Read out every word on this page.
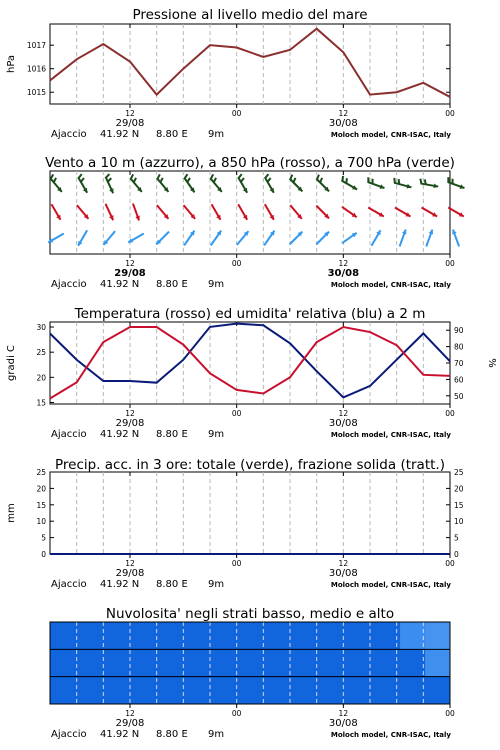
Pressione al livello medio del mare
1015
1016
1017
hPa
12	00	12	00
29/08	30/08
Ajaccio 41.92 N 8.80 E 9m	Moloch model, CNR-ISAC, Italy
Vento a 10 m (azzurro), a 850 hPa (rosso), a 700 hPa (verde)
12	00	12	00
29/08	30/08
Ajaccio 41.92 N 8.80 E 9m	Moloch model, CNR-ISAC, Italy
Temperatura (rosso) ed umidita' relativa (blu) a 2 m
15
20
25
30
50
60
70
80
90
gradi C	%
12	00	12	00
29/08	30/08
Ajaccio 41.92 N 8.80 E 9m	Moloch model, CNR-ISAC, Italy
Precip. acc. in 3 ore: totale (verde), frazione solida (tratt.)
0	0
5	5
10	10
15	15
20	20
25	25
mm
12	00	12	00
29/08	30/08
Ajaccio 41.92 N 8.80 E 9m	Moloch model, CNR-ISAC, Italy
Nuvolosita' negli strati basso, medio e alto
12	00	12	00
29/08	30/08
Ajaccio 41.92 N 8.80 E 9m	Moloch model, CNR-ISAC, Italy
